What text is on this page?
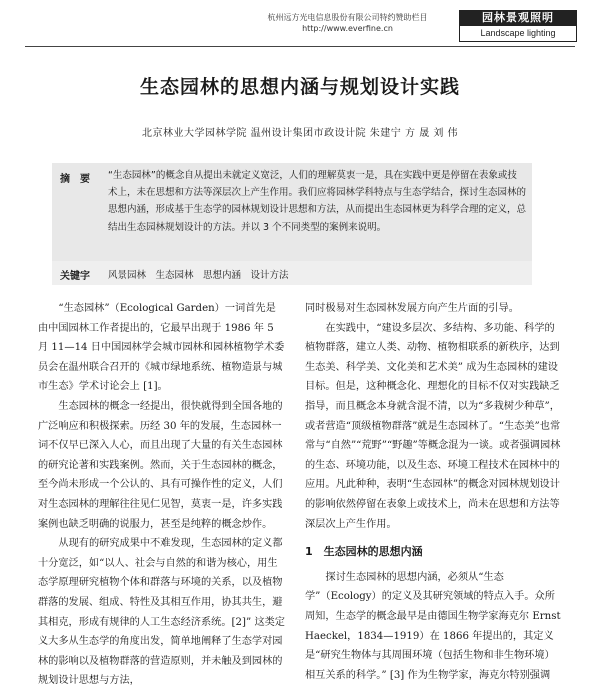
杭州远方光电信息股份有限公司特约赞助栏目
http://www.everfine.cn
园林景观照明
Landscape lighting
生态园林的思想内涵与规划设计实践
北京林业大学园林学院 温州设计集团市政设计院 朱建宁 方 晟 刘 伟
摘　要 “生态园林”的概念自从提出未就定义宽泛，人们的理解莫衷一是，具在实践中更是停留在表象或技术上，未在思想和方法等深层次上产生作用。我们应将园林学科特点与生态学结合，探讨生态园林的思想内涵，形成基于生态学的园林规划设计思想和方法，从而提出生态园林更为科学合理的定义，总结出生态园林规划设计的方法。并以 3 个不同类型的案例来说明。
关键字 风景园林　生态园林　思想内涵　设计方法

“生态园林”（Ecological Garden）一词首先是由中国园林工作者提出的，它最早出现于 1986 年 5 月 11—14 日中国园林学会城市园林和园林植物学术委员会在温州联合召开的《城市绿地系统、植物造景与城市生态》学术讨论会上 [1]。

生态园林的概念一经提出，很快就得到全国各地的广泛响应和积极探索。历经 30 年的发展，生态园林一词不仅早已深入人心，而且出现了大量的有关生态园林的研究论著和实践案例。然而，关于生态园林的概念，至今尚未形成一个公认的、具有可操作性的定义，人们对生态园林的理解往往见仁见智，莫衷一是，许多实践案例也缺乏明确的说服力，甚至是纯粹的概念炒作。

从现有的研究成果中不难发现，生态园林的定义都十分宽泛，如“以人、社会与自然的和谐为核心，用生态学原理研究植物个体和群落与环境的关系，以及植物群落的发展、组成、特性及其相互作用，协其共生，避其相克，形成有规律的人工生态经济系统。[2]” 这类定义大多从生态学的角度出发，简单地阐释了生态学对园林的影响以及植物群落的营造原则，并未触及到园林的规划设计思想与方法，

同时极易对生态园林发展方向产生片面的引导。

在实践中，“建设多层次、多结构、多功能、科学的植物群落，建立人类、动物、植物相联系的新秩序，达到生态美、科学美、文化美和艺术美” 成为生态园林的建设目标。但是，这种概念化、理想化的目标不仅对实践缺乏指导，而且概念本身就含混不清，以为“多栽树少种草”，或者营造“顶级植物群落”就是生态园林了。“生态美”也常常与“自然”“荒野”“野趣”等概念混为一谈。或者强调园林的生态、环境功能，以及生态、环境工程技术在园林中的应用。凡此种种，表明“生态园林”的概念对园林规划设计的影响依然停留在表象上或技术上，尚未在思想和方法等深层次上产生作用。

1　生态园林的思想内涵

探讨生态园林的思想内涵，必须从“生态学”（Ecology）的定义及其研究领域的特点入手。众所周知，生态学的概念最早是由德国生物学家海克尔 Ernst Haeckel，1834—1919）在 1866 年提出的，其定义是“研究生物体与其周围环境（包括生物和非生物环境）相互关系的科学。” [3] 作为生物学家，海克尔特别强调
